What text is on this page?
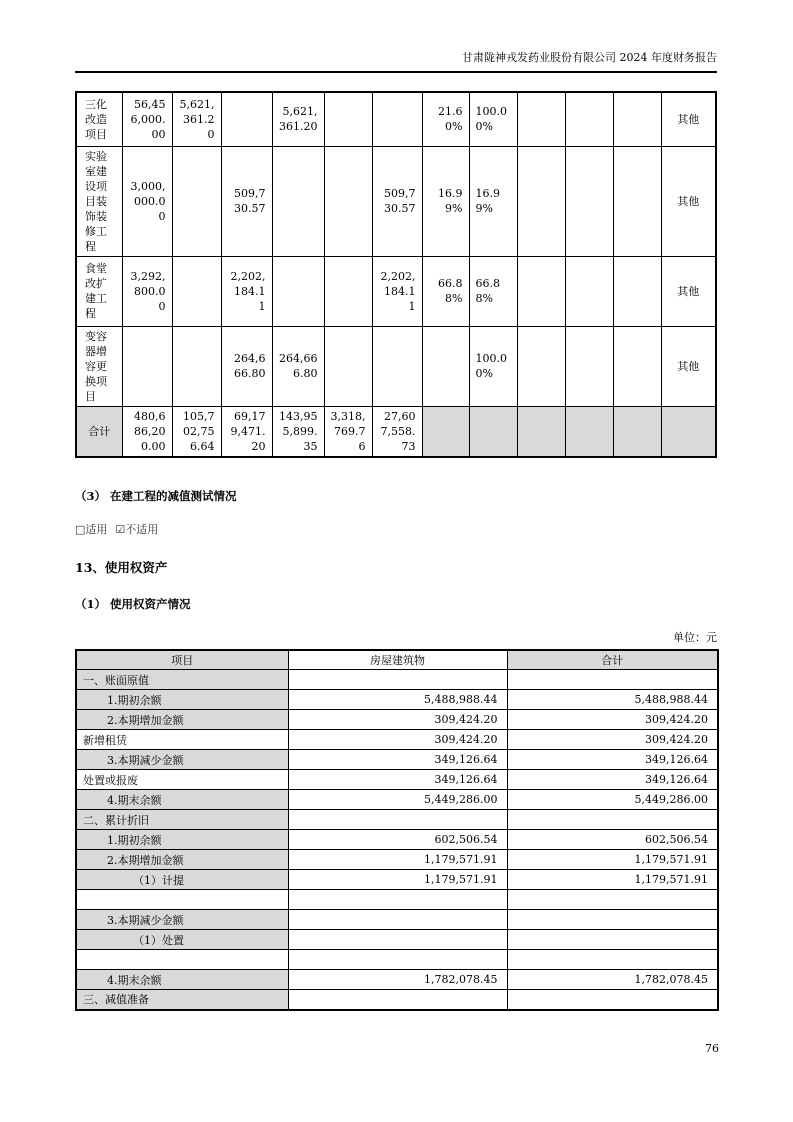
甘肃陇神戎发药业股份有限公司 2024 年度财务报告
三化改造项目	56,456,000.00	5,621,361.20		5,621,361.20			21.60%	100.00%				其他
实验室建设项目装饰装修工程	3,000,000.00		509,730.57			509,730.57	16.99%	16.99%				其他
食堂改扩建工程	3,292,800.00		2,202,184.11			2,202,184.11	66.88%	66.88%				其他
变容器增容更换项目			264,666.80	264,666.80				100.00%				其他
合计	480,686,200.00	105,702,756.64	69,179,471.20	143,955,899.35	3,318,769.76	27,607,558.73						
（3） 在建工程的减值测试情况
□适用 ☑不适用
13、使用权资产
（1） 使用权资产情况
单位：元
项目	房屋建筑物	合计
一、账面原值		
1.期初余额	5,488,988.44	5,488,988.44
2.本期增加金额	309,424.20	309,424.20
新增租赁	309,424.20	309,424.20
3.本期减少金额	349,126.64	349,126.64
处置或报废	349,126.64	349,126.64
4.期末余额	5,449,286.00	5,449,286.00
二、累计折旧		
1.期初余额	602,506.54	602,506.54
2.本期增加金额	1,179,571.91	1,179,571.91
（1）计提	1,179,571.91	1,179,571.91

3.本期减少金额		
（1）处置		

4.期末余额	1,782,078.45	1,782,078.45
三、减值准备		
76
